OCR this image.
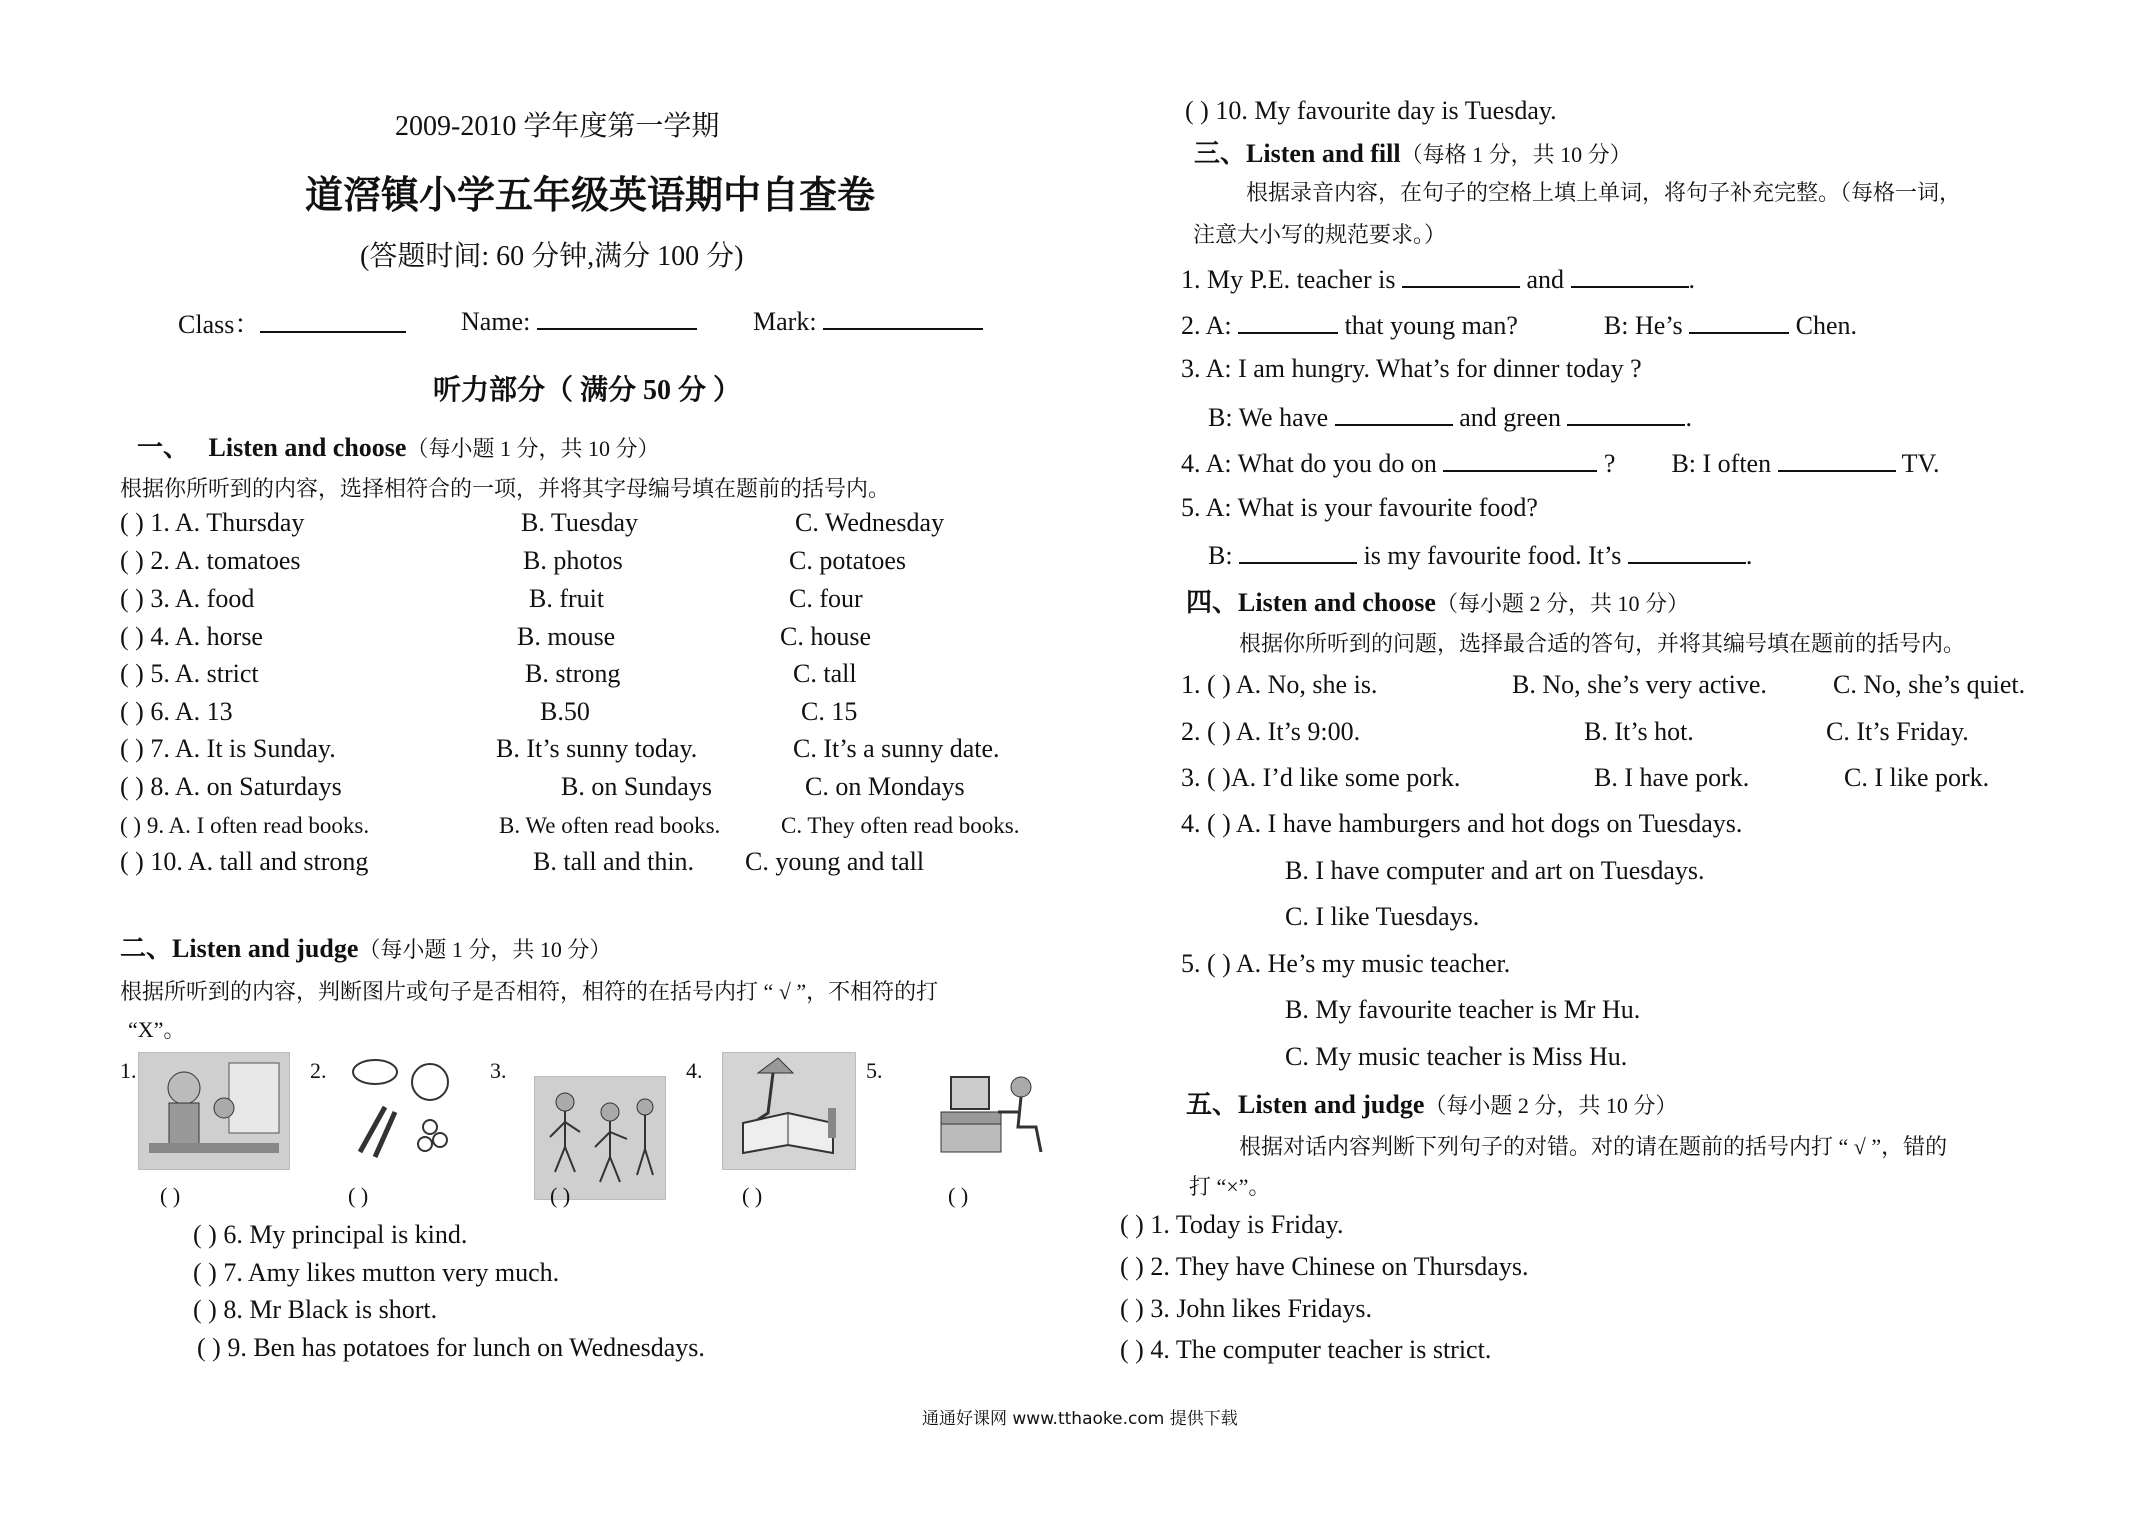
2009-2010 学年度第一学期
道滘镇小学五年级英语期中自查卷
(答题时间: 60 分钟,满分 100 分)
Class：	Name:	Mark:
听力部分（ 满分 50 分 ）
一、 Listen and choose（每小题 1 分，共 10 分）
根据你所听到的内容，选择相符合的一项，并将其字母编号填在题前的括号内。
( ) 1. A. Thursday	B. Tuesday	C. Wednesday
( ) 2. A. tomatoes	B. photos	C. potatoes
( ) 3. A. food	B. fruit	C. four
( ) 4. A. horse	B. mouse	C. house
( ) 5. A. strict	B. strong	C. tall
( ) 6. A. 13	B.50	C. 15
( ) 7. A. It is Sunday.	B. It’s sunny today.	C. It’s a sunny date.
( ) 8. A. on Saturdays	B. on Sundays	C. on Mondays
( ) 9. A. I often read books.	B. We often read books.	C. They often read books.
( ) 10. A. tall and strong	B. tall and thin. C. young and tall
二、Listen and judge（每小题 1 分，共 10 分）
根据所听到的内容，判断图片或句子是否相符，相符的在括号内打 “ √ ”，不相符的打
“X”。
1.
( )
2.
( )
3.
( )
4.
( )
5.
( )
( ) 6. My principal is kind.
( ) 7. Amy likes mutton very much.
( ) 8. Mr Black is short.
( ) 9. Ben has potatoes for lunch on Wednesdays.
( ) 10. My favourite day is Tuesday.
三、Listen and fill（每格 1 分，共 10 分）
根据录音内容，在句子的空格上填上单词，将句子补充完整。（每格一词，
注意大小写的规范要求。）
1. My P.E. teacher is	and	.
2. A:	that young man?	B: He’s	Chen.
3. A: I am hungry. What’s for dinner today ?
B: We have	and green	.
4. A: What do you do on	? B: I often	TV.
5. A: What is your favourite food?
B:	is my favourite food. It’s	.
四、Listen and choose（每小题 2 分，共 10 分）
根据你所听到的问题，选择最合适的答句，并将其编号填在题前的括号内。
1. ( ) A. No, she is.	B. No, she’s very active.	C. No, she’s quiet.
2. ( ) A. It’s 9:00.	B. It’s hot.	C. It’s Friday.
3. ( )A. I’d like some pork.	B. I have pork.	C. I like pork.
4. ( ) A. I have hamburgers and hot dogs on Tuesdays.
B. I have computer and art on Tuesdays.
C. I like Tuesdays.
5. ( ) A. He’s my music teacher.
B. My favourite teacher is Mr Hu.
C. My music teacher is Miss Hu.
五、Listen and judge（每小题 2 分，共 10 分）
根据对话内容判断下列句子的对错。对的请在题前的括号内打 “ √ ”，错的
打 “×”。
( ) 1. Today is Friday.
( ) 2. They have Chinese on Thursdays.
( ) 3. John likes Fridays.
( ) 4. The computer teacher is strict.
通通好课网 www.tthaoke.com 提供下载
